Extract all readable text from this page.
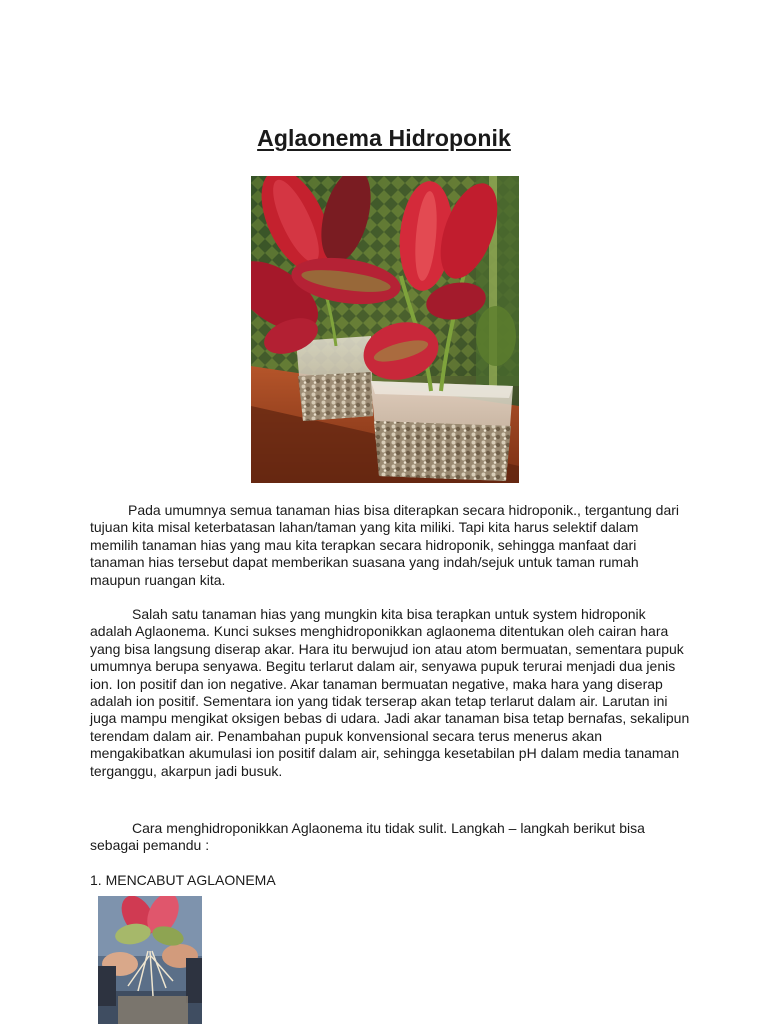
Aglaonema Hidroponik

Pada umumnya semua tanaman hias bisa diterapkan secara hidroponik., tergantung dari tujuan kita misal keterbatasan lahan/taman yang kita miliki. Tapi kita harus selektif dalam memilih tanaman hias yang mau kita terapkan secara hidroponik, sehingga manfaat dari tanaman hias tersebut dapat memberikan suasana yang indah/sejuk untuk taman rumah maupun ruangan kita.

Salah satu tanaman hias yang mungkin kita bisa terapkan untuk system hidroponik adalah Aglaonema. Kunci sukses menghidroponikkan aglaonema ditentukan oleh cairan hara yang bisa langsung diserap akar. Hara itu berwujud ion atau atom bermuatan, sementara pupuk umumnya berupa senyawa. Begitu terlarut dalam air, senyawa pupuk terurai menjadi dua jenis ion. Ion positif dan ion negative. Akar tanaman bermuatan negative, maka hara yang diserap adalah ion positif. Sementara ion yang tidak terserap akan tetap terlarut dalam air. Larutan ini juga mampu mengikat oksigen bebas di udara. Jadi akar tanaman bisa tetap bernafas, sekalipun terendam dalam air. Penambahan pupuk konvensional secara terus menerus akan mengakibatkan akumulasi ion positif dalam air, sehingga kesetabilan pH dalam media tanaman terganggu, akarpun jadi busuk.

Cara menghidroponikkan Aglaonema itu tidak sulit. Langkah – langkah berikut bisa sebagai pemandu :

1. MENCABUT AGLAONEMA
